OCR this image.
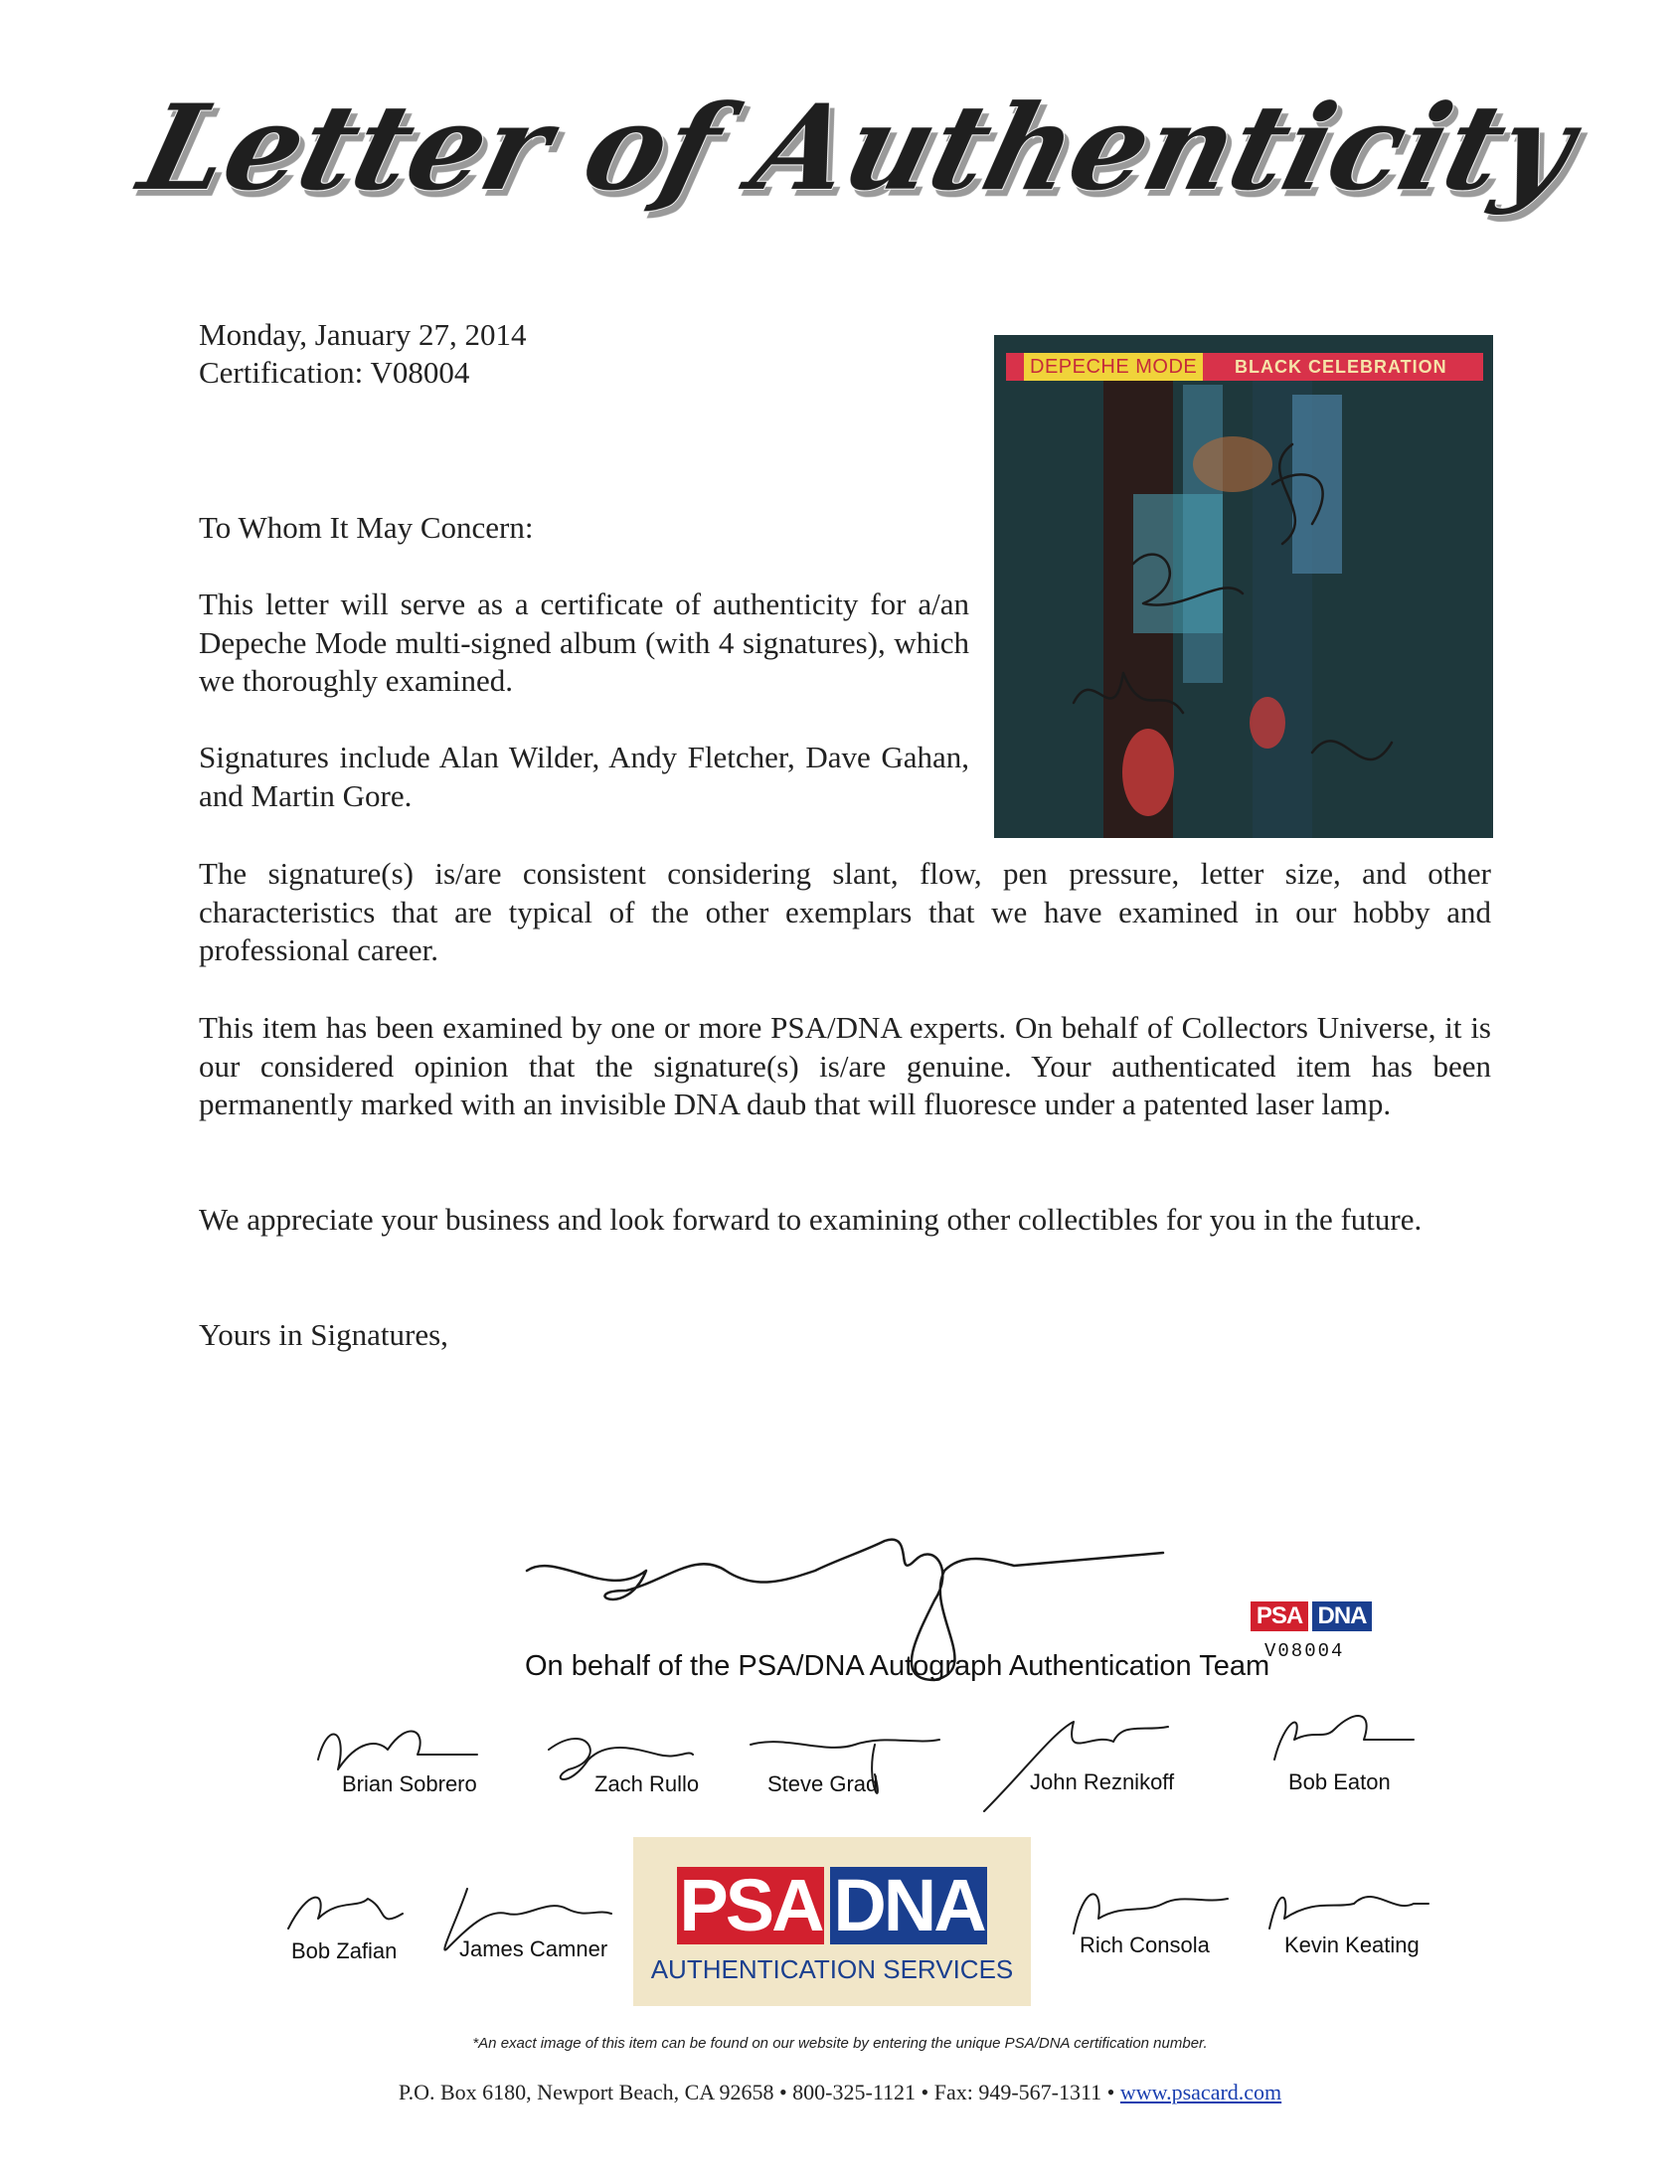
Letter of Authenticity
Monday, January 27, 2014
Certification: V08004
To Whom It May Concern:
This letter will serve as a certificate of authenticity for a/an Depeche Mode multi-signed album (with 4 signatures), which we thoroughly examined.
Signatures include Alan Wilder, Andy Fletcher, Dave Gahan, and Martin Gore.
The signature(s) is/are consistent considering slant, flow, pen pressure, letter size, and other characteristics that are typical of the other exemplars that we have examined in our hobby and professional career.
This item has been examined by one or more PSA/DNA experts. On behalf of Collectors Universe, it is our considered opinion that the signature(s) is/are genuine. Your authenticated item has been permanently marked with an invisible DNA daub that will fluoresce under a patented laser lamp.
We appreciate your business and look forward to examining other collectibles for you in the future.
Yours in Signatures,
DEPECHE MODE	BLACK CELEBRATION
PSA DNA
V08004
On behalf of the PSA/DNA Autograph Authentication Team
Brian Sobrero	Zach Rullo	Steve Grad	John Reznikoff	Bob Eaton
Bob Zafian	James Camner
PSA DNA
AUTHENTICATION SERVICES
Rich Consola	Kevin Keating
*An exact image of this item can be found on our website by entering the unique PSA/DNA certification number.
P.O. Box 6180, Newport Beach, CA 92658 • 800-325-1121 • Fax: 949-567-1311 • www.psacard.com
